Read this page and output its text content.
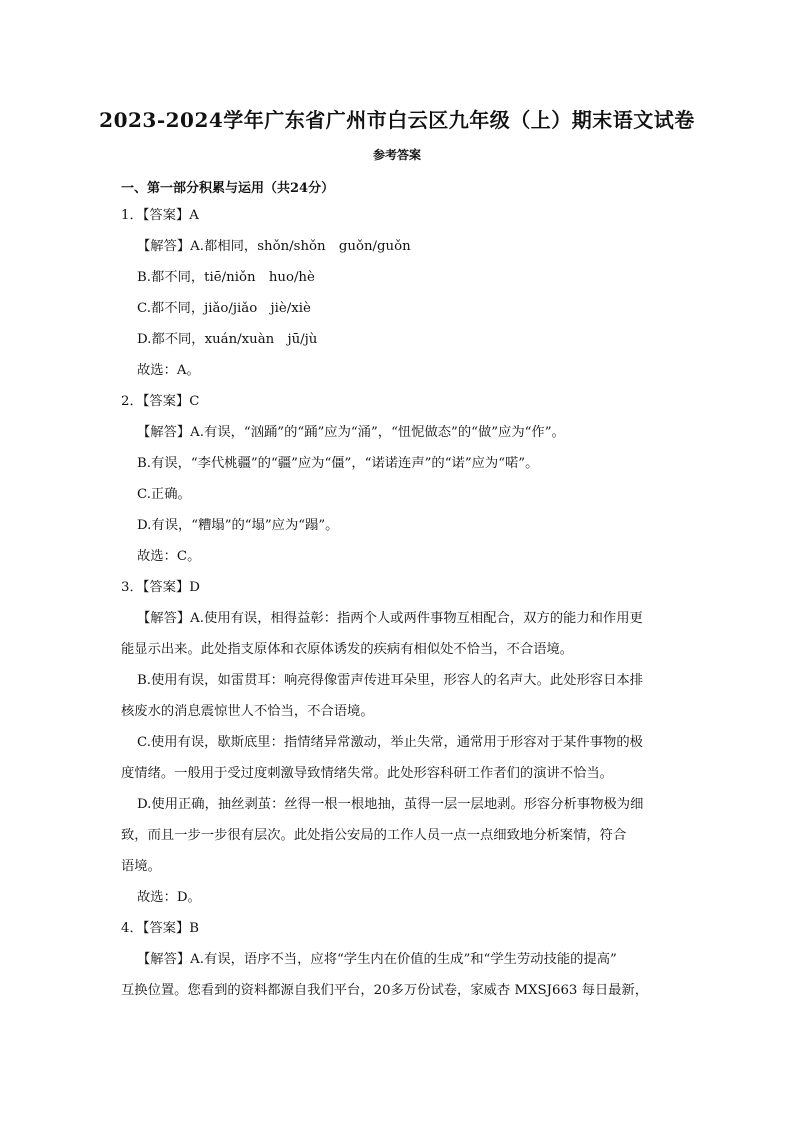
2023-2024学年广东省广州市白云区九年级（上）期末语文试卷
参考答案
一、第一部分积累与运用（共24分）
1．【答案】A
【解答】A.都相同，shǒn/shǒn　guǒn/guǒn
B.都不同，tiē/niǒn　huo/hè
C.都不同，jiǎo/jiǎo　jiè/xiè
D.都不同，xuán/xuàn　jū/jù
故选：A。
2．【答案】C
【解答】A.有误，“汹踊”的“踊”应为“涌”，“忸怩做态”的“做”应为“作”。
B.有误，“李代桃疆”的“疆”应为“僵”，“诺诺连声”的“诺”应为“喏”。
C.正确。
D.有误，“糟塌”的“塌”应为“蹋”。
故选：C。
3．【答案】D
【解答】A.使用有误，相得益彰：指两个人或两件事物互相配合，双方的能力和作用更
能显示出来。此处指支原体和衣原体诱发的疾病有相似处不恰当，不合语境。
B.使用有误，如雷贯耳：响亮得像雷声传进耳朵里，形容人的名声大。此处形容日本排
核废水的消息震惊世人不恰当，不合语境。
C.使用有误，歇斯底里：指情绪异常激动，举止失常，通常用于形容对于某件事物的极
度情绪。一般用于受过度刺激导致情绪失常。此处形容科研工作者们的演讲不恰当。
D.使用正确，抽丝剥茧：丝得一根一根地抽，茧得一层一层地剥。形容分析事物极为细
致，而且一步一步很有层次。此处指公安局的工作人员一点一点细致地分析案情，符合
语境。
故选：D。
4．【答案】B
【解答】A.有误，语序不当，应将“学生内在价值的生成”和“学生劳动技能的提高”
互换位置。您看到的资料都源自我们平台，20多万份试卷，家威杏 MXSJ663 每日最新，
